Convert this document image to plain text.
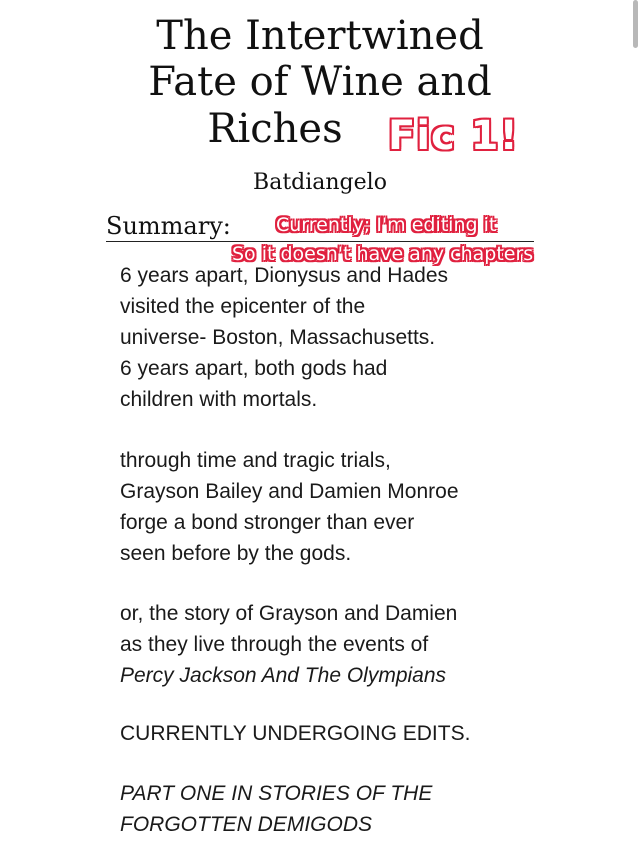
The Intertwined
Fate of Wine and
Riches	Fic 1!
Batdiangelo
Summary: Currently; I'm editing it
So it doesn't have any chapters

6 years apart, Dionysus and Hades
visited the epicenter of the
universe- Boston, Massachusetts.
6 years apart, both gods had
children with mortals.

through time and tragic trials,
Grayson Bailey and Damien Monroe
forge a bond stronger than ever
seen before by the gods.

or, the story of Grayson and Damien
as they live through the events of
Percy Jackson And The Olympians

CURRENTLY UNDERGOING EDITS.

PART ONE IN STORIES OF THE
FORGOTTEN DEMIGODS
